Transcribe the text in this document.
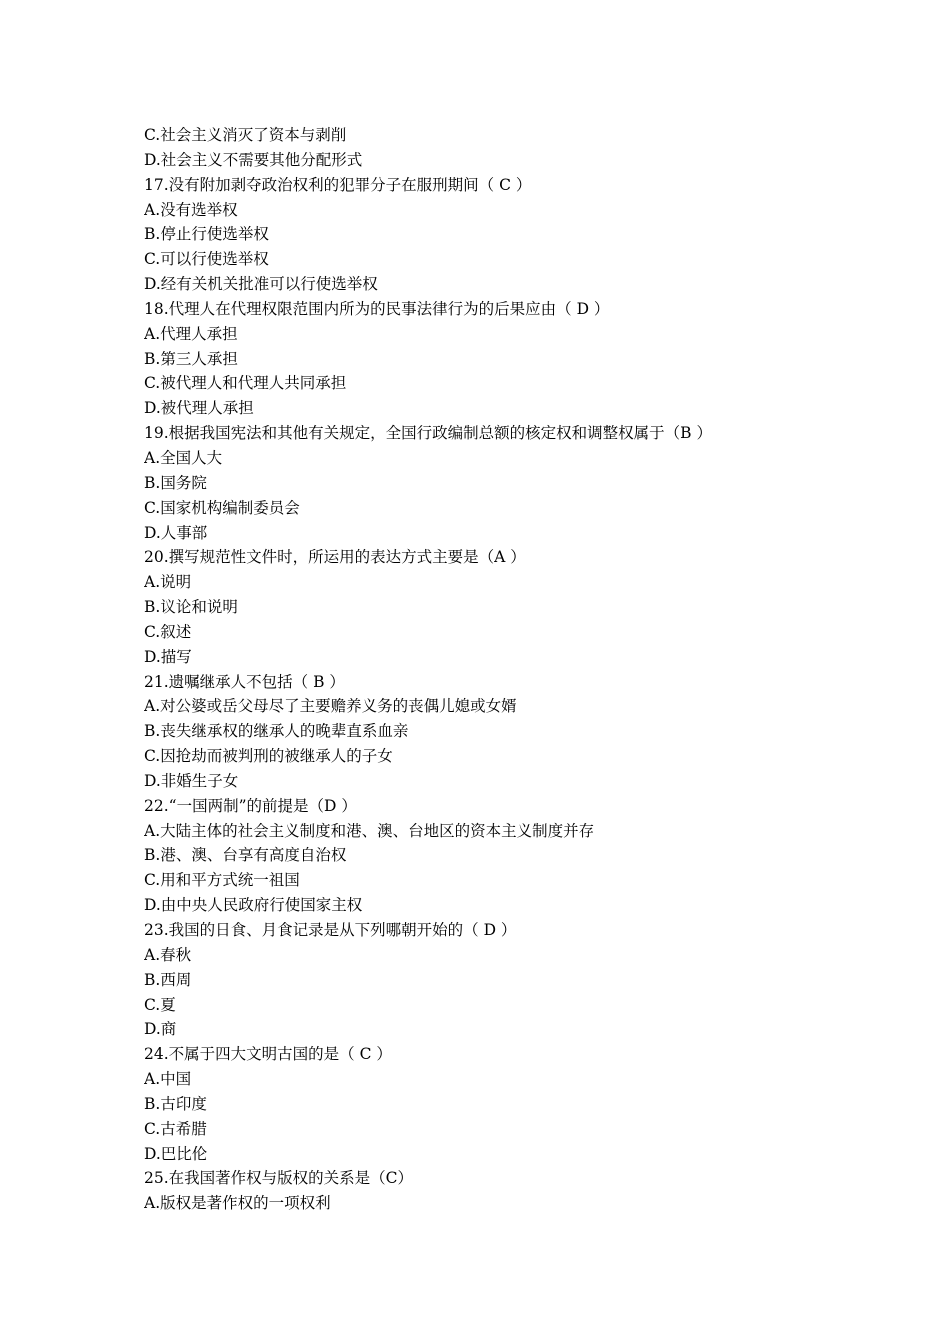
C.社会主义消灭了资本与剥削
D.社会主义不需要其他分配形式
17.没有附加剥夺政治权利的犯罪分子在服刑期间（ C ）
A.没有选举权
B.停止行使选举权
C.可以行使选举权
D.经有关机关批准可以行使选举权
18.代理人在代理权限范围内所为的民事法律行为的后果应由（ D ）
A.代理人承担
B.第三人承担
C.被代理人和代理人共同承担
D.被代理人承担
19.根据我国宪法和其他有关规定，全国行政编制总额的核定权和调整权属于（B ）
A.全国人大
B.国务院
C.国家机构编制委员会
D.人事部
20.撰写规范性文件时，所运用的表达方式主要是（A ）
A.说明
B.议论和说明
C.叙述
D.描写
21.遗嘱继承人不包括（ B ）
A.对公婆或岳父母尽了主要赡养义务的丧偶儿媳或女婿
B.丧失继承权的继承人的晚辈直系血亲
C.因抢劫而被判刑的被继承人的子女
D.非婚生子女
22.“一国两制”的前提是（D ）
A.大陆主体的社会主义制度和港、澳、台地区的资本主义制度并存
B.港、澳、台享有高度自治权
C.用和平方式统一祖国
D.由中央人民政府行使国家主权
23.我国的日食、月食记录是从下列哪朝开始的（ D ）
A.春秋
B.西周
C.夏
D.商
24.不属于四大文明古国的是（ C ）
A.中国
B.古印度
C.古希腊
D.巴比伦
25.在我国著作权与版权的关系是（C）
A.版权是著作权的一项权利
